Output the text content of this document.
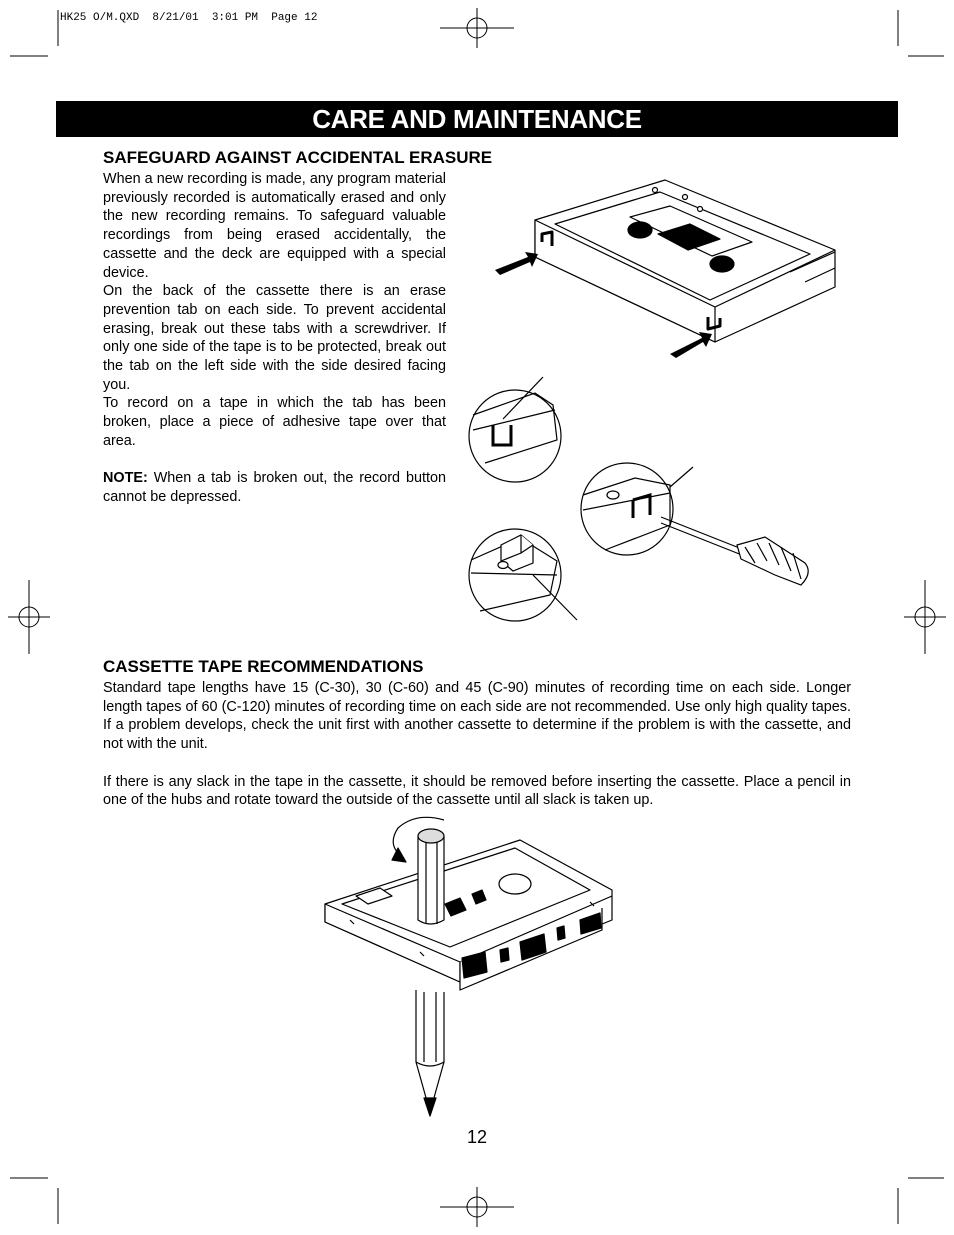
HK25 O/M.QXD  8/21/01  3:01 PM  Page 12
CARE AND MAINTENANCE
SAFEGUARD AGAINST ACCIDENTAL ERASURE

When a new recording is made, any program material previously recorded is automatically erased and only the new recording remains. To safeguard valuable recordings from being erased accidentally, the cassette and the deck are equipped with a special device.

On the back of the cassette there is an erase prevention tab on each side. To prevent accidental erasing, break out these tabs with a screwdriver. If only one side of the tape is to be protected, break out the tab on the left side with the side desired facing you.

To record on a tape in which the tab has been broken, place a piece of adhesive tape over that area.

NOTE: When a tab is broken out, the record button cannot be depressed.

CASSETTE TAPE RECOMMENDATIONS

Standard tape lengths have 15 (C-30), 30 (C-60) and 45 (C-90) minutes of recording time on each side. Longer length tapes of 60 (C-120) minutes of recording time on each side are not recommended. Use only high quality tapes. If a problem develops, check the unit first with another cassette to determine if the problem is with the cassette, and not with the unit.

If there is any slack in the tape in the cassette, it should be removed before inserting the cassette. Place a pencil in one of the hubs and rotate toward the outside of the cassette until all slack is taken up.

12
